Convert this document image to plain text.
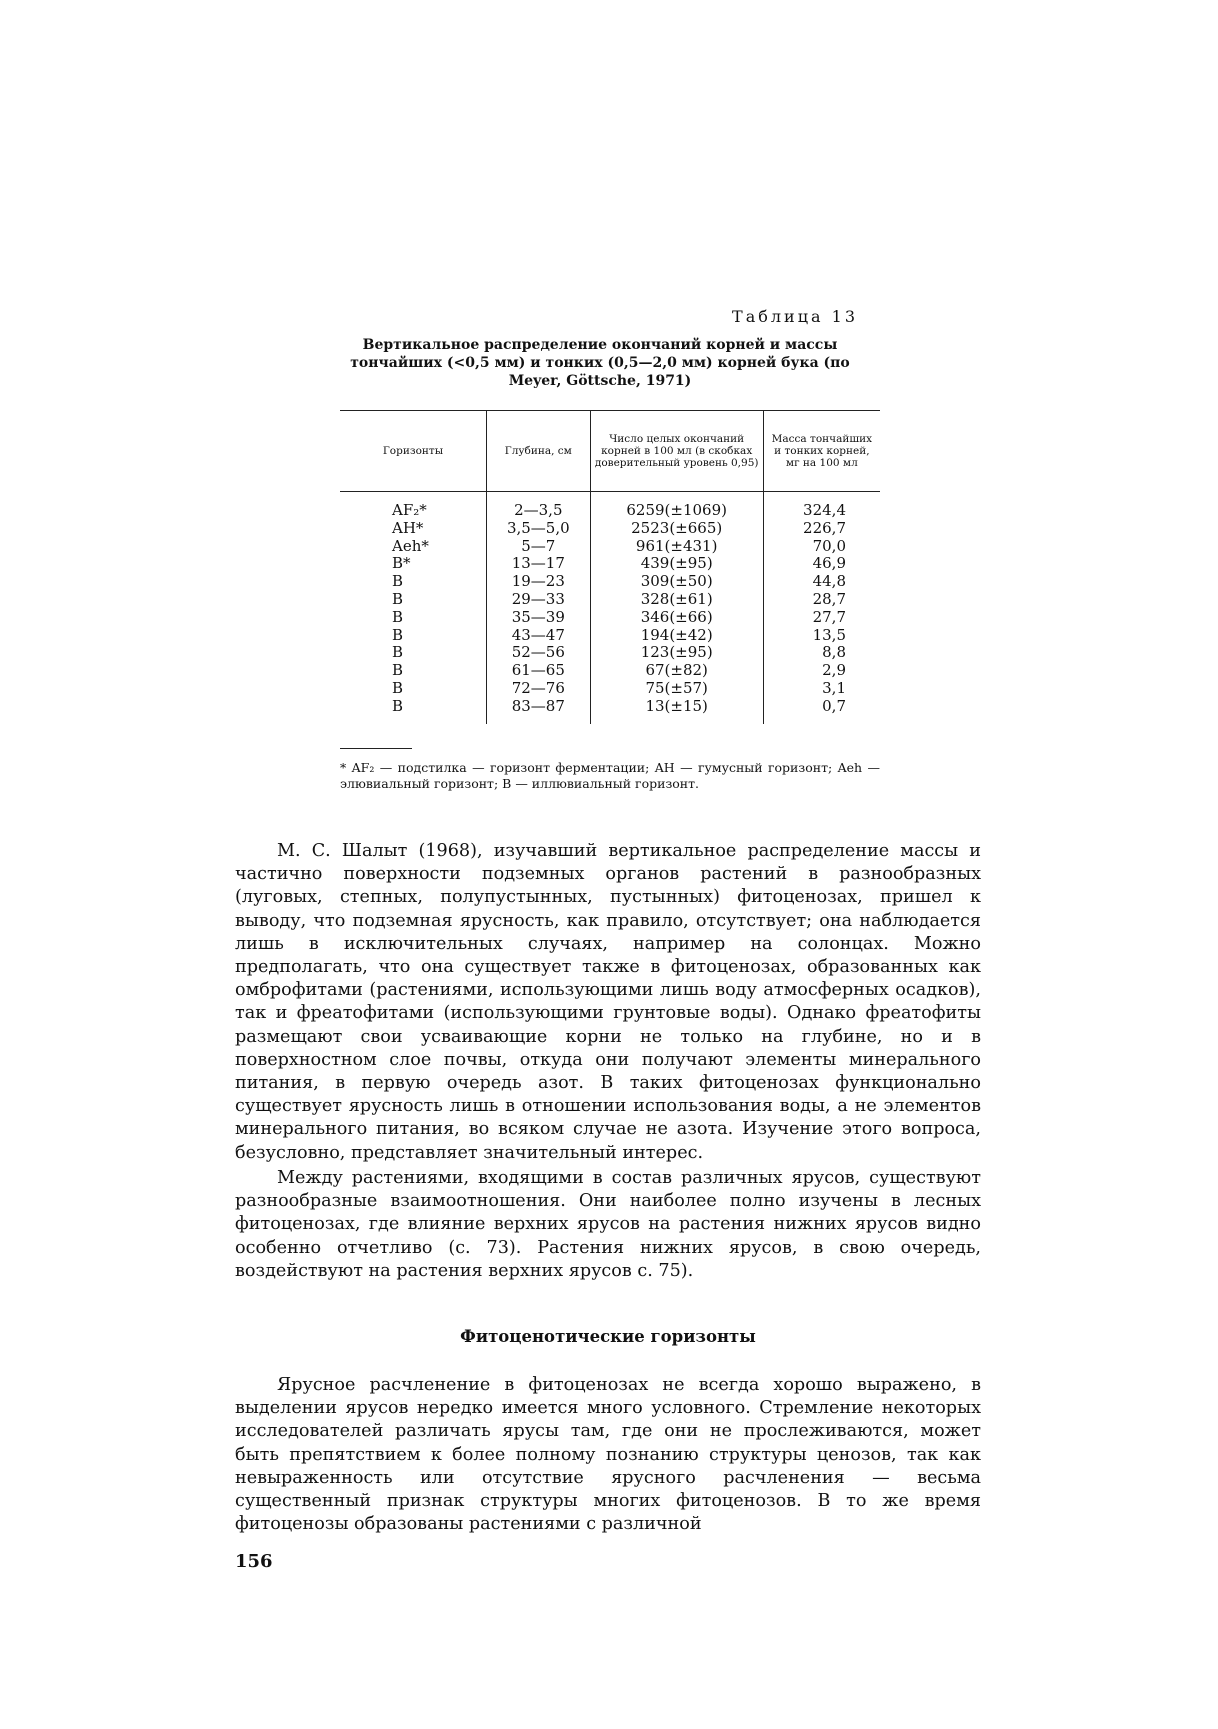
Таблица 13
Вертикальное распределение окончаний корней и массы тончайших (<0,5 мм) и тонких (0,5—2,0 мм) корней бука (по Meyer, Göttsche, 1971)
Горизонты	Глубина, см	Число целых окончаний корней в 100 мл (в скобках доверительный уровень 0,95)	Масса тончайших и тонких корней, мг на 100 мл
AF₂*	2—3,5	6259(±1069)	324,4
AH*	3,5—5,0	2523(±665)	226,7
Aeh*	5—7	961(±431)	70,0
B*	13—17	439(±95)	46,9
B	19—23	309(±50)	44,8
B	29—33	328(±61)	28,7
B	35—39	346(±66)	27,7
B	43—47	194(±42)	13,5
B	52—56	123(±95)	8,8
B	61—65	67(±82)	2,9
B	72—76	75(±57)	3,1
B	83—87	13(±15)	0,7
* AF₂ — подстилка — горизонт ферментации; AH — гумусный горизонт; Aeh — элювиальный горизонт; B — иллювиальный горизонт.

М. С. Шалыт (1968), изучавший вертикальное распределение массы и частично поверхности подземных органов растений в разнообразных (луговых, степных, полупустынных, пустынных) фитоценозах, пришел к выводу, что подземная ярусность, как правило, отсутствует; она наблюдается лишь в исключительных случаях, например на солонцах. Можно предполагать, что она существует также в фитоценозах, образованных как омброфитами (растениями, использующими лишь воду атмосферных осадков), так и фреатофитами (использующими грунтовые воды). Однако фреатофиты размещают свои усваивающие корни не только на глубине, но и в поверхностном слое почвы, откуда они получают элементы минерального питания, в первую очередь азот. В таких фитоценозах функционально существует ярусность лишь в отношении использования воды, а не элементов минерального питания, во всяком случае не азота. Изучение этого вопроса, безусловно, представляет значительный интерес.

Между растениями, входящими в состав различных ярусов, существуют разнообразные взаимоотношения. Они наиболее полно изучены в лесных фитоценозах, где влияние верхних ярусов на растения нижних ярусов видно особенно отчетливо (с. 73). Растения нижних ярусов, в свою очередь, воздействуют на растения верхних ярусов с. 75).

Фитоценотические горизонты

Ярусное расчленение в фитоценозах не всегда хорошо выражено, в выделении ярусов нередко имеется много условного. Стремление некоторых исследователей различать ярусы там, где они не прослеживаются, может быть препятствием к более полному познанию структуры ценозов, так как невыраженность или отсутствие ярусного расчленения — весьма существенный признак структуры многих фитоценозов. В то же время фитоценозы образованы растениями с различной

156
